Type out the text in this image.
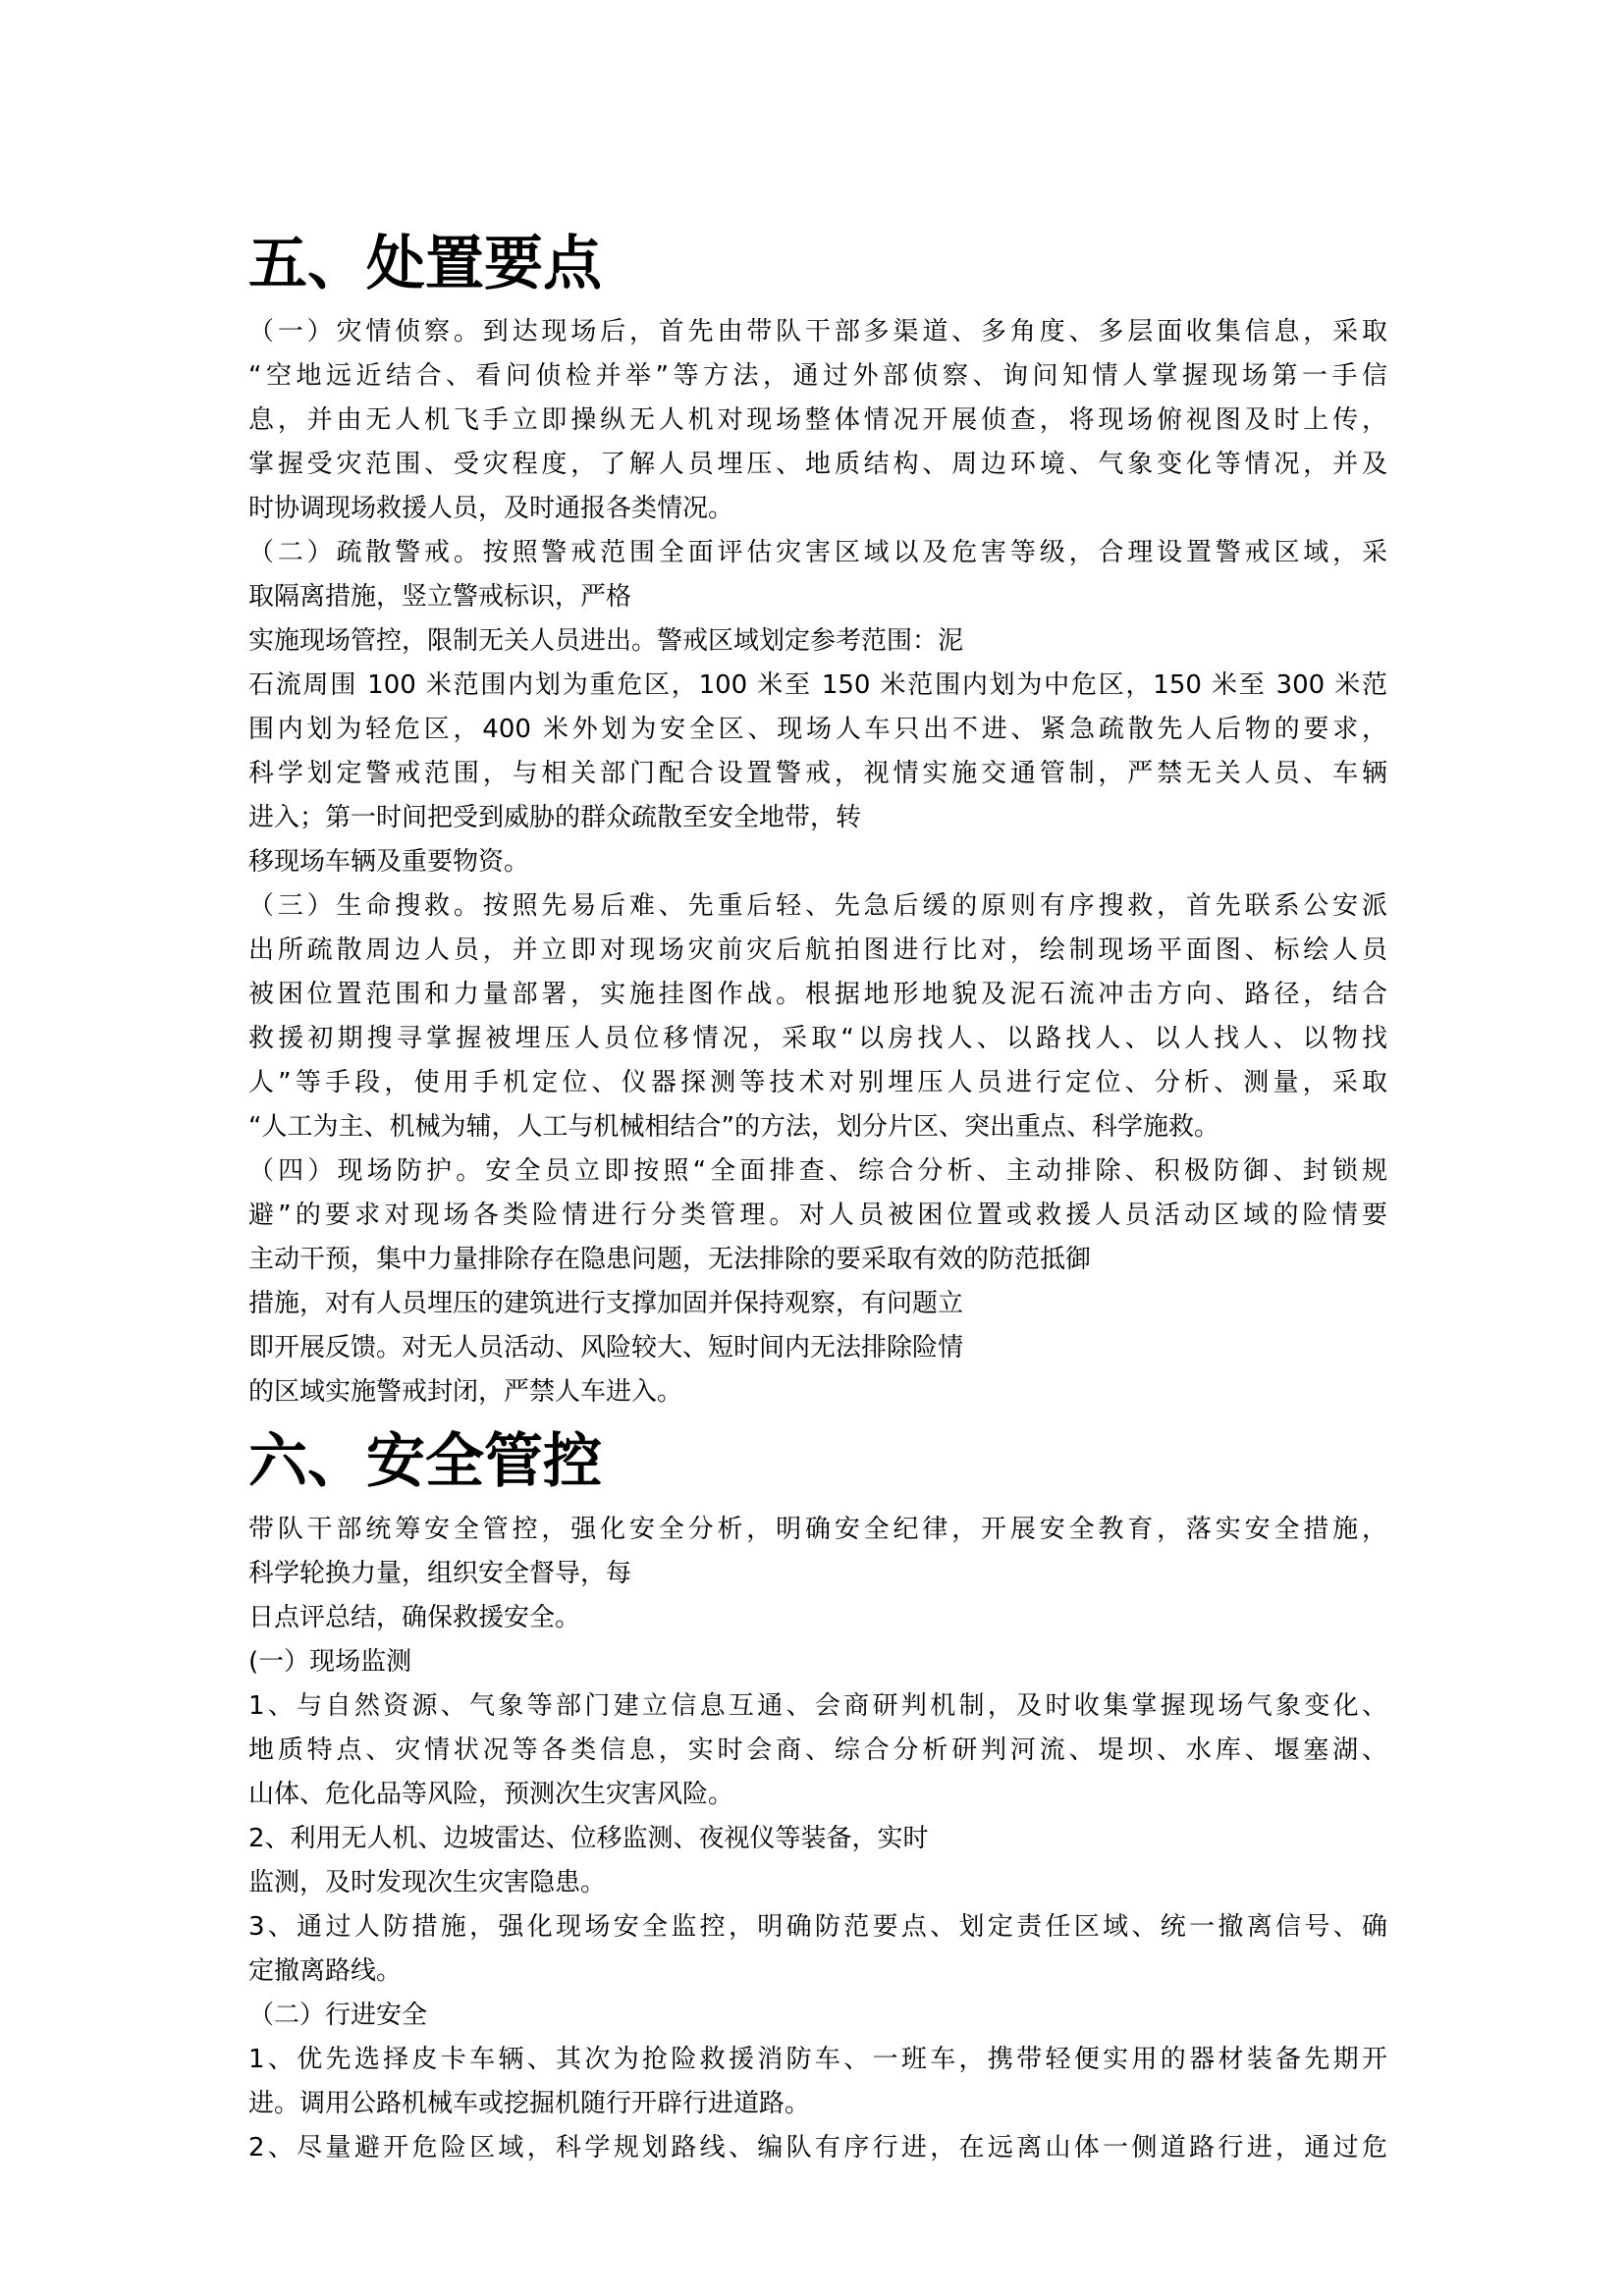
五、处置要点
（一）灾情侦察。到达现场后，首先由带队干部多渠道、多角度、多层面收集信息，采取
“空地远近结合、看问侦检并举”等方法，通过外部侦察、询问知情人掌握现场第一手信
息，并由无人机飞手立即操纵无人机对现场整体情况开展侦查，将现场俯视图及时上传，
掌握受灾范围、受灾程度，了解人员埋压、地质结构、周边环境、气象变化等情况，并及
时协调现场救援人员，及时通报各类情况。
（二）疏散警戒。按照警戒范围全面评估灾害区域以及危害等级，合理设置警戒区域，采
取隔离措施，竖立警戒标识，严格
实施现场管控，限制无关人员进出。警戒区域划定参考范围：泥
石流周围 100 米范围内划为重危区，100 米至 150 米范围内划为中危区，150 米至 300 米范
围内划为轻危区，400 米外划为安全区、现场人车只出不进、紧急疏散先人后物的要求，
科学划定警戒范围，与相关部门配合设置警戒，视情实施交通管制，严禁无关人员、车辆
进入；第一时间把受到威胁的群众疏散至安全地带，转
移现场车辆及重要物资。
（三）生命搜救。按照先易后难、先重后轻、先急后缓的原则有序搜救，首先联系公安派
出所疏散周边人员，并立即对现场灾前灾后航拍图进行比对，绘制现场平面图、标绘人员
被困位置范围和力量部署，实施挂图作战。根据地形地貌及泥石流冲击方向、路径，结合
救援初期搜寻掌握被埋压人员位移情况，采取“以房找人、以路找人、以人找人、以物找
人”等手段，使用手机定位、仪器探测等技术对别埋压人员进行定位、分析、测量，采取
“人工为主、机械为辅，人工与机械相结合”的方法，划分片区、突出重点、科学施救。
（四）现场防护。安全员立即按照“全面排查、综合分析、主动排除、积极防御、封锁规
避”的要求对现场各类险情进行分类管理。对人员被困位置或救援人员活动区域的险情要
主动干预，集中力量排除存在隐患问题，无法排除的要采取有效的防范抵御
措施，对有人员埋压的建筑进行支撑加固并保持观察，有问题立
即开展反馈。对无人员活动、风险较大、短时间内无法排除险情
的区域实施警戒封闭，严禁人车进入。
六、安全管控
带队干部统筹安全管控，强化安全分析，明确安全纪律，开展安全教育，落实安全措施，
科学轮换力量，组织安全督导，每
日点评总结，确保救援安全。
(一）现场监测
1、与自然资源、气象等部门建立信息互通、会商研判机制，及时收集掌握现场气象变化、
地质特点、灾情状况等各类信息，实时会商、综合分析研判河流、堤坝、水库、堰塞湖、
山体、危化品等风险，预测次生灾害风险。
2、利用无人机、边坡雷达、位移监测、夜视仪等装备，实时
监测，及时发现次生灾害隐患。
3、通过人防措施，强化现场安全监控，明确防范要点、划定责任区域、统一撤离信号、确
定撤离路线。
（二）行进安全
1、优先选择皮卡车辆、其次为抢险救援消防车、一班车，携带轻便实用的器材装备先期开
进。调用公路机械车或挖掘机随行开辟行进道路。
2、尽量避开危险区域，科学规划路线、编队有序行进，在远离山体一侧道路行进，通过危
